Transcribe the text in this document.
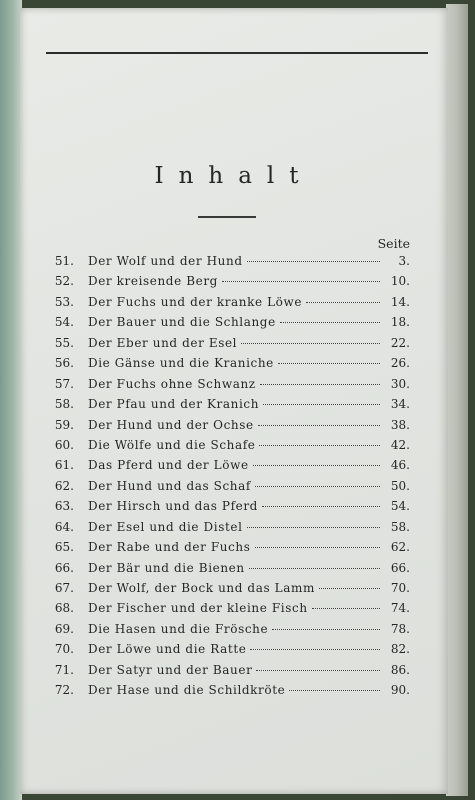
Inhalt
Seite
51. Der Wolf und der Hund	3.
52. Der kreisende Berg	10.
53. Der Fuchs und der kranke Löwe	14.
54. Der Bauer und die Schlange	18.
55. Der Eber und der Esel	22.
56. Die Gänse und die Kraniche	26.
57. Der Fuchs ohne Schwanz	30.
58. Der Pfau und der Kranich	34.
59. Der Hund und der Ochse	38.
60. Die Wölfe und die Schafe	42.
61. Das Pferd und der Löwe	46.
62. Der Hund und das Schaf	50.
63. Der Hirsch und das Pferd	54.
64. Der Esel und die Distel	58.
65. Der Rabe und der Fuchs	62.
66. Der Bär und die Bienen	66.
67. Der Wolf, der Bock und das Lamm	70.
68. Der Fischer und der kleine Fisch	74.
69. Die Hasen und die Frösche	78.
70. Der Löwe und die Ratte	82.
71. Der Satyr und der Bauer	86.
72. Der Hase und die Schildkröte	90.
